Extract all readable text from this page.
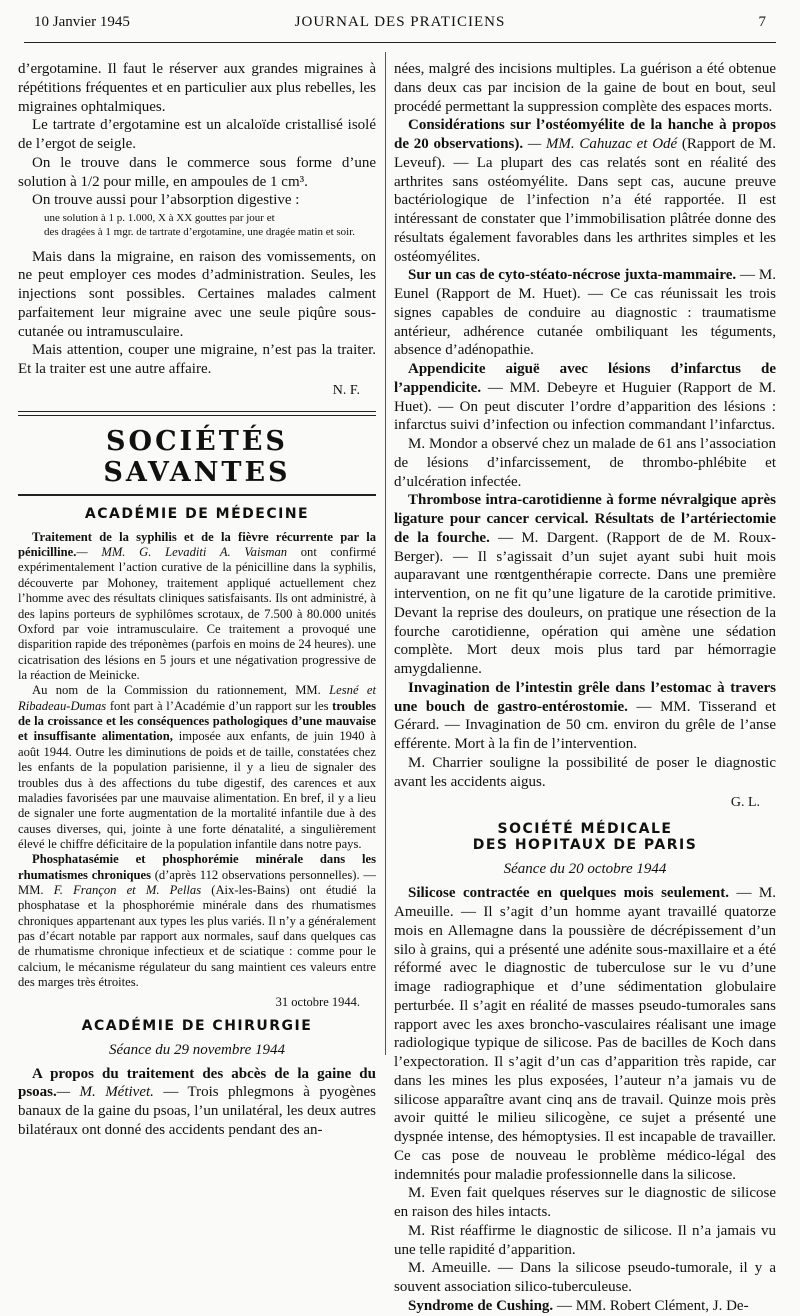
10 Janvier 1945	JOURNAL DES PRATICIENS	7

d’ergotamine. Il faut le réserver aux grandes migraines à répétitions fréquentes et en particulier aux plus rebelles, les migraines ophtalmiques.

Le tartrate d’ergotamine est un alcaloïde cristallisé isolé de l’ergot de seigle.

On le trouve dans le commerce sous forme d’une solution à 1/2 pour mille, en ampoules de 1 cm³.

On trouve aussi pour l’absorption digestive :

une solution à 1 p. 1.000, X à XX gouttes par jour et
des dragées à 1 mgr. de tartrate d’ergotamine, une dragée matin et soir.

Mais dans la migraine, en raison des vomissements, on ne peut employer ces modes d’administration. Seules, les injections sont possibles. Certaines malades calment parfaitement leur migraine avec une seule piqûre sous-cutanée ou intramusculaire.

Mais attention, couper une migraine, n’est pas la traiter. Et la traiter est une autre affaire.

N. F.
SOCIÉTÉS SAVANTES
ACADÉMIE DE MÉDECINE

Traitement de la syphilis et de la fièvre récurrente par la pénicilline.— MM. G. Levaditi A. Vaisman ont confirmé expérimentalement l’action curative de la pénicilline dans la syphilis, découverte par Mohoney, traitement appliqué actuellement chez l’homme avec des résultats cliniques satisfaisants. Ils ont administré, à des lapins porteurs de syphilômes scrotaux, de 7.500 à 80.000 unités Oxford par voie intramusculaire. Ce traitement a provoqué une disparition rapide des tréponèmes (parfois en moins de 24 heures). une cicatrisation des lésions en 5 jours et une négativation progressive de la réaction de Meinicke.

Au nom de la Commission du rationnement, MM. Lesné et Ribadeau-Dumas font part à l’Académie d’un rapport sur les troubles de la croissance et les conséquences pathologiques d’une mauvaise et insuffisante alimentation, imposée aux enfants, de juin 1940 à août 1944. Outre les diminutions de poids et de taille, constatées chez les enfants de la population parisienne, il y a lieu de signaler des troubles dus à des affections du tube digestif, des carences et aux maladies favorisées par une mauvaise alimentation. En bref, il y a lieu de signaler une forte augmentation de la mortalité infantile due à des causes diverses, qui, jointe à une forte dénatalité, a singulièrement élevé le chiffre déficitaire de la population infantile dans notre pays.

Phosphatasémie et phosphorémie minérale dans les rhumatismes chroniques (d’après 112 observations personnelles). — MM. F. Françon et M. Pellas (Aix-les-Bains) ont étudié la phosphatase et la phosphorémie minérale dans des rhumatismes chroniques appartenant aux types les plus variés. Il n’y a généralement pas d’écart notable par rapport aux normales, sauf dans quelques cas de rhumatisme chronique infectieux et de sciatique : comme pour le calcium, le mécanisme régulateur du sang maintient ces valeurs entre des marges très étroites.

31 octobre 1944.
ACADÉMIE DE CHIRURGIE
Séance du 29 novembre 1944

A propos du traitement des abcès de la gaine du psoas.— M. Métivet. — Trois phlegmons à pyogènes banaux de la gaine du psoas, l’un unilatéral, les deux autres bilatéraux ont donné des accidents pendant des an-

nées, malgré des incisions multiples. La guérison a été obtenue dans deux cas par incision de la gaine de bout en bout, seul procédé permettant la suppression complète des espaces morts.

Considérations sur l’ostéomyélite de la hanche à propos de 20 observations). — MM. Cahuzac et Odé (Rapport de M. Leveuf). — La plupart des cas relatés sont en réalité des arthrites sans ostéomyélite. Dans sept cas, aucune preuve bactériologique de l’infection n’a été rapportée. Il est intéressant de constater que l’immobilisation plâtrée donne des résultats également favorables dans les arthrites simples et les ostéomyélites.

Sur un cas de cyto-stéato-nécrose juxta-mammaire. — M. Eunel (Rapport de M. Huet). — Ce cas réunissait les trois signes capables de conduire au diagnostic : traumatisme antérieur, adhérence cutanée ombiliquant les téguments, absence d’adénopathie.

Appendicite aiguë avec lésions d’infarctus de l’appendicite. — MM. Debeyre et Huguier (Rapport de M. Huet). — On peut discuter l’ordre d’apparition des lésions : infarctus suivi d’infection ou infection commandant l’infarctus.

M. Mondor a observé chez un malade de 61 ans l’association de lésions d’infarcissement, de thrombo-phlébite et d’ulcération infectée.

Thrombose intra-carotidienne à forme névralgique après ligature pour cancer cervical. Résultats de l’artériectomie de la fourche. — M. Dargent. (Rapport de de M. Roux-Berger). — Il s’agissait d’un sujet ayant subi huit mois auparavant une rœntgenthérapie correcte. Dans une première intervention, on ne fit qu’une ligature de la carotide primitive. Devant la reprise des douleurs, on pratique une résection de la fourche carotidienne, opération qui amène une sédation complète. Mort deux mois plus tard par hémorragie amygdalienne.

Invagination de l’intestin grêle dans l’estomac à travers une bouch de gastro-entérostomie. — MM. Tisserand et Gérard. — Invagination de 50 cm. environ du grêle de l’anse efférente. Mort à la fin de l’intervention.

M. Charrier souligne la possibilité de poser le diagnostic avant les accidents aigus.

G. L.
SOCIÉTÉ MÉDICALE
DES HOPITAUX DE PARIS
Séance du 20 octobre 1944

Silicose contractée en quelques mois seulement. — M. Ameuille. — Il s’agit d’un homme ayant travaillé quatorze mois en Allemagne dans la poussière de décrépissement d’un silo à grains, qui a présenté une adénite sous-maxillaire et a été réformé avec le diagnostic de tuberculose sur le vu d’une image radiographique et d’une sédimentation globulaire perturbée. Il s’agit en réalité de masses pseudo-tumorales sans rapport avec les axes broncho-vasculaires réalisant une image radiologique typique de silicose. Pas de bacilles de Koch dans l’expectoration. Il s’agit d’un cas d’apparition très rapide, car dans les mines les plus exposées, l’auteur n’a jamais vu de silicose apparaître avant cinq ans de travail. Quinze mois près avoir quitté le milieu silicogène, ce sujet a présenté une dyspnée intense, des hémoptysies. Il est incapable de travailler. Ce cas pose de nouveau le problème médico-légal des indemnités pour maladie professionnelle dans la silicose.

M. Even fait quelques réserves sur le diagnostic de silicose en raison des hiles intacts.

M. Rist réaffirme le diagnostic de silicose. Il n’a jamais vu une telle rapidité d’apparition.

M. Ameuille. — Dans la silicose pseudo-tumorale, il y a souvent association silico-tuberculeuse.

Syndrome de Cushing. — MM. Robert Clément, J. De-
